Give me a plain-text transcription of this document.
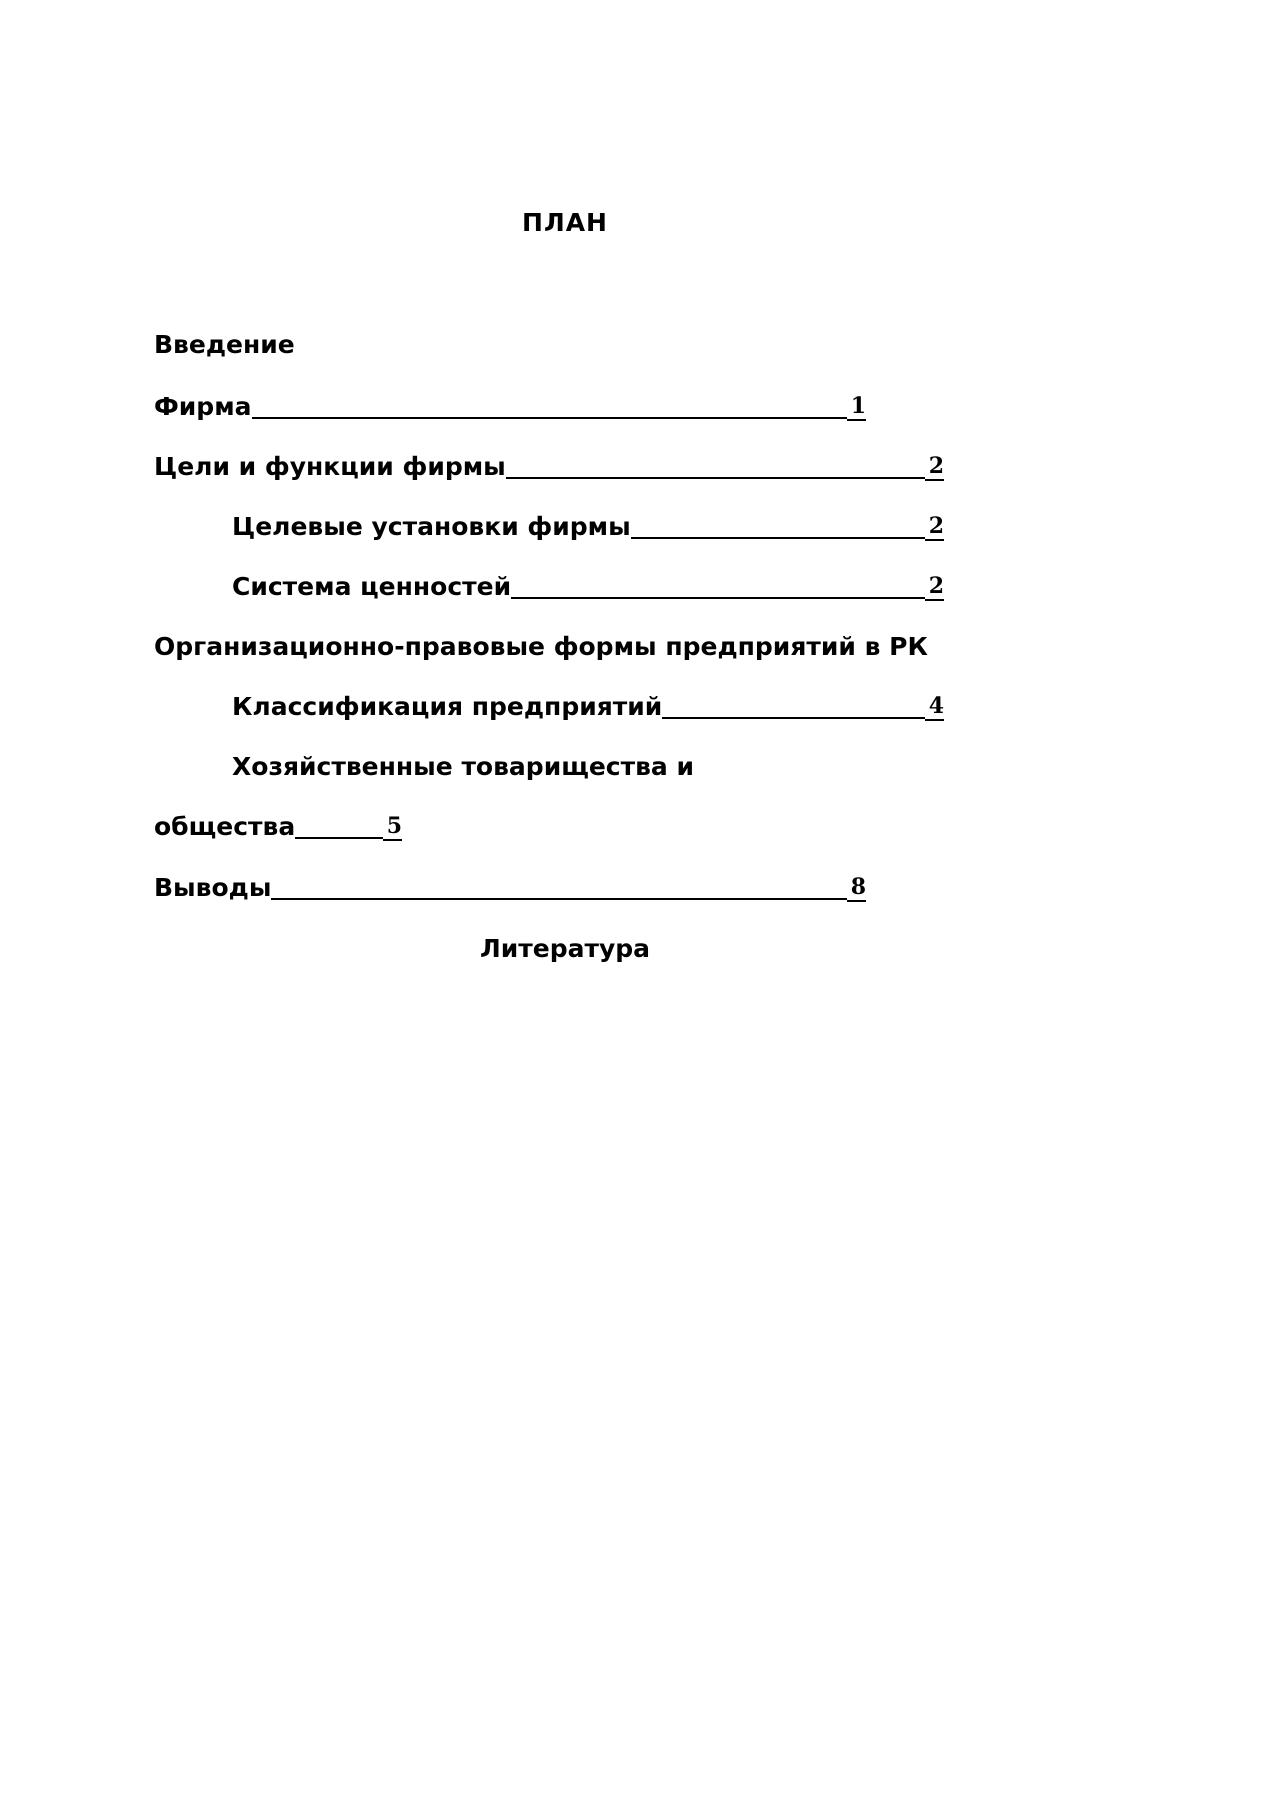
ПЛАН
Введение
Фирма	1
Цели и функции фирмы	2
Целевые установки фирмы	2
Система ценностей	2
Организационно-правовые формы предприятий в РК
Классификация предприятий	4
Хозяйственные товарищества и
общества	5
Выводы	8
Литература
